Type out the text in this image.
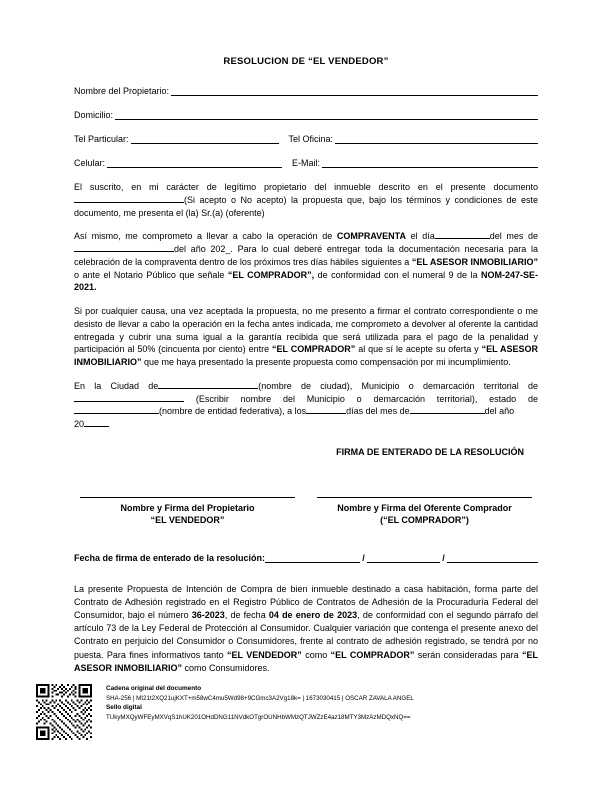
RESOLUCION DE “EL VENDEDOR”
Nombre del Propietario:
Domicilio:
Tel Particular:	Tel Oficina:
Celular:	E-Mail:

El suscrito, en mi carácter de legítimo propietario del inmueble descrito en el presente documento (Si acepto o No acepto) la propuesta que, bajo los términos y condiciones de este documento, me presenta el (la) Sr.(a) (oferente)

Así mismo, me comprometo a llevar a cabo la operación de COMPRAVENTA el día	del mes dedel año 202_. Para lo cual deberé entregar toda la documentación necesaria para la celebración de la compraventa dentro de los próximos tres días hábiles siguientes a “EL ASESOR INMOBILIARIO” o ante el Notario Público que señale “EL COMPRADOR”, de conformidad con el numeral 9 de la NOM-247-SE-2021.

Si por cualquier causa, una vez aceptada la propuesta, no me presento a firmar el contrato correspondiente o me desisto de llevar a cabo la operación en la fecha antes indicada, me comprometo a devolver al oferente la cantidad entregada y cubrir una suma igual a la garantía recibida que será utilizada para el pago de la penalidad y participación al 50% (cincuenta por ciento) entre “EL COMPRADOR” al que sí le acepte su oferta y “EL ASESOR INMOBILIARIO” que me haya presentado la presente propuesta como compensación por mi incumplimiento.

En la Ciudad de	(nombre de ciudad), Municipio o demarcación territorial de  (Escribir nombre del Municipio o demarcación territorial), estado de (nombre de entidad federativa), a los	días del mes de	del año
20

FIRMA DE ENTERADO DE LA RESOLUCIÓN
Nombre y Firma del Propietario
“EL VENDEDOR”
Nombre y Firma del Oferente Comprador
(“EL COMPRADOR”)
Fecha de firma de enterado de la resolución:	/	/

La presente Propuesta de Intención de Compra de bien inmueble destinado a casa habitación, forma parte del Contrato de Adhesión registrado en el Registro Público de Contratos de Adhesión de la Procuraduría Federal del Consumidor, bajo el número 36-2023, de fecha 04 de enero de 2023, de conformidad con el segundo párrafo del artículo 73 de la Ley Federal de Protección al Consumidor. Cualquier variación que contenga el presente anexo del Contrato en perjuicio del Consumidor o Consumidores, frente al contrato de adhesión registrado, se tendrá por no puesta. Para fines informativos tanto “EL VENDEDOR” como “EL COMPRADOR” serán consideradas para “EL ASESOR INMOBILIARIO” como Consumidores.

Cadena original del documento
SHA-256 | MI21t2XQ21ujKXT+m58wC4mu5Wd98+9CGmc3A2Vg18k= | 1673030415 | OSCAR ZAVALA ANGEL
Sello digital
TUkyMXQyWFEyMXVqS1hUK201OHdDNG11NVdkOTgrOUNHbWMzQTJWZzE4az18MTY3MzAzMDQxNQ==
